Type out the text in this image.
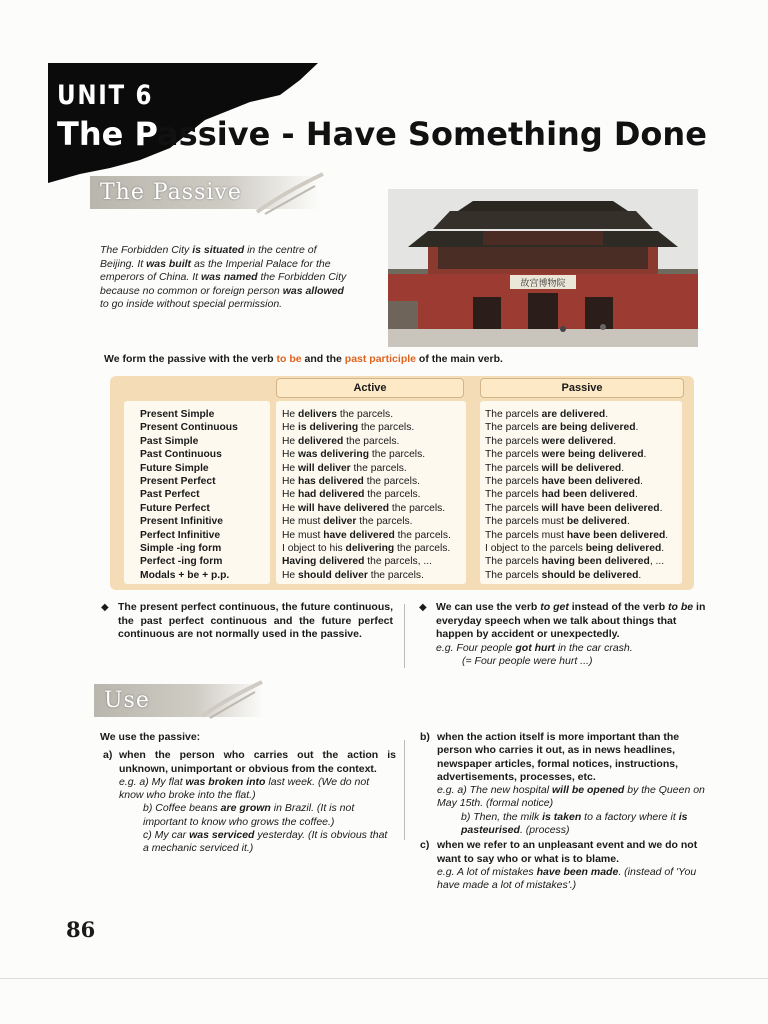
UNIT 6
The Passive - Have Something Done
The Passive
The Forbidden City is situated in the centre of Beijing. It was built as the Imperial Palace for the emperors of China. It was named the Forbidden City because no common or foreign person was allowed to go inside without special permission.
故宫博物院
We form the passive with the verb to be and the past participle of the main verb.
Active	Passive
Present Simple
Present Continuous
Past Simple
Past Continuous
Future Simple
Present Perfect
Past Perfect
Future Perfect
Present Infinitive
Perfect Infinitive
Simple -ing form
Perfect -ing form
Modals + be + p.p.
He delivers the parcels.
He is delivering the parcels.
He delivered the parcels.
He was delivering the parcels.
He will deliver the parcels.
He has delivered the parcels.
He had delivered the parcels.
He will have delivered the parcels.
He must deliver the parcels.
He must have delivered the parcels.
I object to his delivering the parcels.
Having delivered the parcels, ...
He should deliver the parcels.
The parcels are delivered.
The parcels are being delivered.
The parcels were delivered.
The parcels were being delivered.
The parcels will be delivered.
The parcels have been delivered.
The parcels had been delivered.
The parcels will have been delivered.
The parcels must be delivered.
The parcels must have been delivered.
I object to the parcels being delivered.
The parcels having been delivered, ...
The parcels should be delivered.
◆ The present perfect continuous, the future continuous, the past perfect continuous and the future perfect continuous are not normally used in the passive.
◆ We can use the verb to get instead of the verb to be in everyday speech when we talk about things that happen by accident or unexpectedly.
e.g. Four people got hurt in the car crash.
(= Four people were hurt ...)
Use
We use the passive:
a) when the person who carries out the action is unknown, unimportant or obvious from the context.
e.g. a) My flat was broken into last week. (We do not know who broke into the flat.)
b) Coffee beans are grown in Brazil. (It is not important to know who grows the coffee.)
c) My car was serviced yesterday. (It is obvious that a mechanic serviced it.)
b) when the action itself is more important than the person who carries it out, as in news headlines, newspaper articles, formal notices, instructions, advertisements, processes, etc.
e.g. a) The new hospital will be opened by the Queen on May 15th. (formal notice)
b) Then, the milk is taken to a factory where it is pasteurised. (process)
c) when we refer to an unpleasant event and we do not want to say who or what is to blame.
e.g. A lot of mistakes have been made. (instead of 'You have made a lot of mistakes'.)
86
